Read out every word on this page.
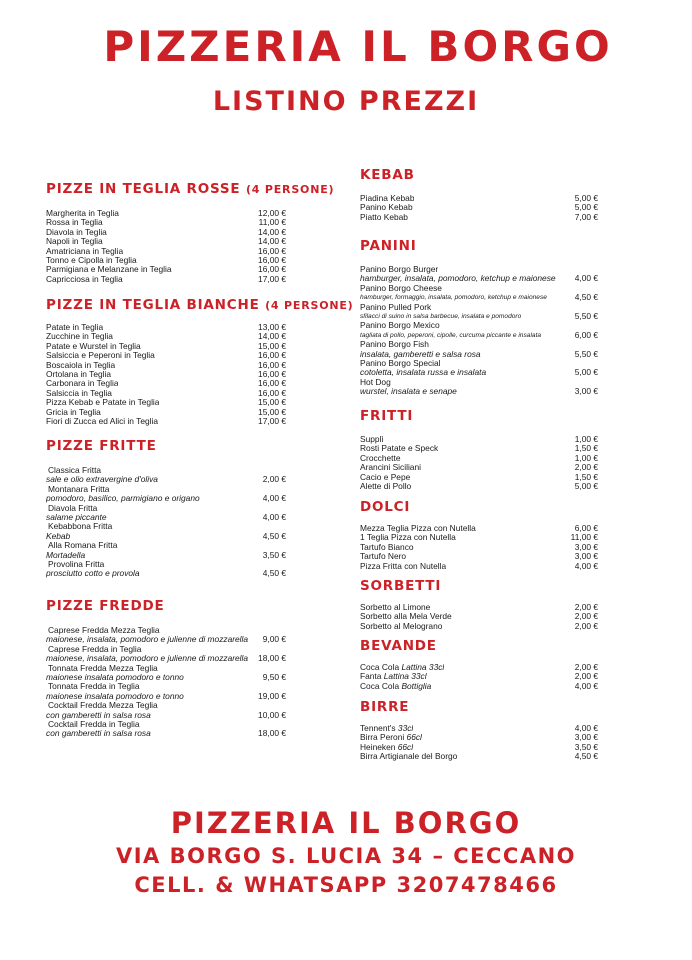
PIZZERIA IL BORGO
LISTINO PREZZI
PIZZE IN TEGLIA ROSSE (4 PERSONE)
Margherita in Teglia	12,00 €
Rossa in Teglia	11,00 €
Diavola in Teglia	14,00 €
Napoli in Teglia	14,00 €
Amatriciana in Teglia	16,00 €
Tonno e Cipolla in Teglia	16,00 €
Parmigiana e Melanzane in Teglia	16,00 €
Capricciosa in Teglia	17,00 €
PIZZE IN TEGLIA BIANCHE (4 PERSONE)
Patate in Teglia	13,00 €
Zucchine in Teglia	14,00 €
Patate e Wurstel in Teglia	15,00 €
Salsiccia e Peperoni in Teglia	16,00 €
Boscaiola in Teglia	16,00 €
Ortolana in Teglia	16,00 €
Carbonara in Teglia	16,00 €
Salsiccia in Teglia	16,00 €
Pizza Kebab e Patate in Teglia	15,00 €
Gricia in Teglia	15,00 €
Fiori di Zucca ed Alici in Teglia	17,00 €
PIZZE FRITTE
Classica Fritta
sale e olio extravergine d'oliva	2,00 €
Montanara Fritta
pomodoro, basilico, parmigiano e origano	4,00 €
Diavola Fritta
salame piccante	4,00 €
Kebabbona Fritta
Kebab	4,50 €
Alla Romana Fritta
Mortadella	3,50 €
Provolina Fritta
prosciutto cotto e provola	4,50 €
PIZZE FREDDE
Caprese Fredda Mezza Teglia
maionese, insalata, pomodoro e julienne di mozzarella	9,00 €
Caprese Fredda in Teglia
maionese, insalata, pomodoro e julienne di mozzarella	18,00 €
Tonnata Fredda Mezza Teglia
maionese insalata pomodoro e tonno	9,50 €
Tonnata Fredda in Teglia
maionese insalata pomodoro e tonno	19,00 €
Cocktail Fredda Mezza Teglia
con gamberetti in salsa rosa	10,00 €
Cocktail Fredda in Teglia
con gamberetti in salsa rosa	18,00 €
KEBAB
Piadina Kebab	5,00 €
Panino Kebab	5,00 €
Piatto Kebab	7,00 €
PANINI
Panino Borgo Burger
hamburger, insalata, pomodoro, ketchup e maionese	4,00 €
Panino Borgo Cheese
hamburger, formaggio, insalata, pomodoro, ketchup e maionese	4,50 €
Panino Pulled Pork
sfilacci di suino in salsa barbecue, insalata e pomodoro	5,50 €
Panino Borgo Mexico
tagliata di pollo, peperoni, cipolle, curcuma piccante e insalata	6,00 €
Panino Borgo Fish
insalata, gamberetti e salsa rosa	5,50 €
Panino Borgo Special
cotoletta, insalata russa e insalata	5,00 €
Hot Dog
wurstel, insalata e senape	3,00 €
FRITTI
Supplì	1,00 €
Rosti Patate e Speck	1,50 €
Crocchette	1,00 €
Arancini Siciliani	2,00 €
Cacio e Pepe	1,50 €
Alette di Pollo	5,00 €
DOLCI
Mezza Teglia Pizza con Nutella	6,00 €
1 Teglia Pizza con Nutella	11,00 €
Tartufo Bianco	3,00 €
Tartufo Nero	3,00 €
Pizza Fritta con Nutella	4,00 €
SORBETTI
Sorbetto al Limone	2,00 €
Sorbetto alla Mela Verde	2,00 €
Sorbetto al Melograno	2,00 €
BEVANDE
Coca Cola Lattina 33cl	2,00 €
Fanta Lattina 33cl	2,00 €
Coca Cola Bottiglia	4,00 €
BIRRE
Tennent's 33cl	4,00 €
Birra Peroni 66cl	3,00 €
Heineken 66cl	3,50 €
Birra Artigianale del Borgo	4,50 €
PIZZERIA IL BORGO
VIA BORGO S. LUCIA 34 – CECCANO
CELL. & WHATSAPP 3207478466
